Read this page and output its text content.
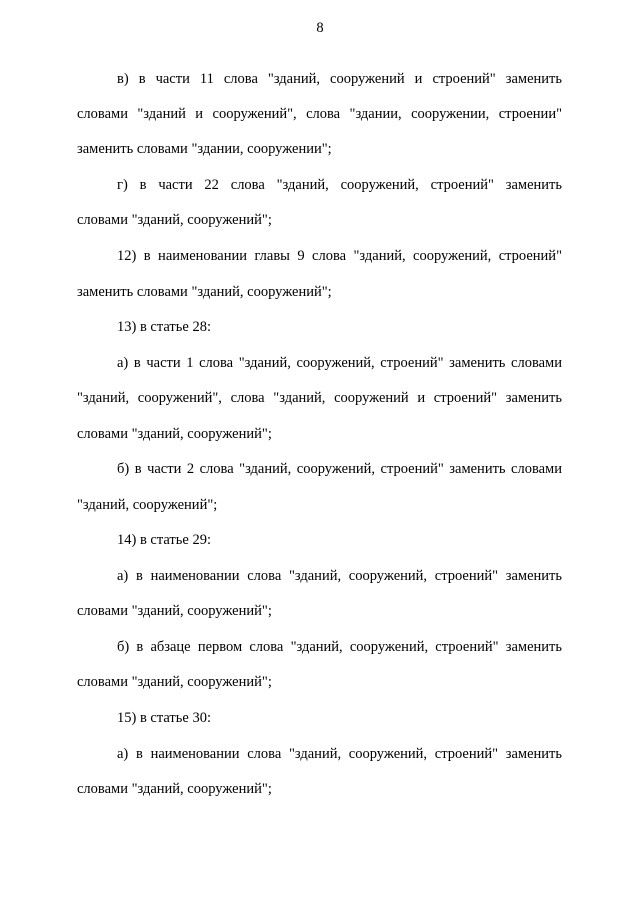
8
в) в части 11 слова "зданий, сооружений и строений" заменить
словами "зданий и сооружений", слова "здании, сооружении, строении"
заменить словами "здании, сооружении";
г) в части 22 слова "зданий, сооружений, строений" заменить
словами "зданий, сооружений";
12) в наименовании главы 9 слова "зданий, сооружений, строений"
заменить словами "зданий, сооружений";
13) в статье 28:
а) в части 1 слова "зданий, сооружений, строений" заменить словами
"зданий, сооружений", слова "зданий, сооружений и строений" заменить
словами "зданий, сооружений";
б) в части 2 слова "зданий, сооружений, строений" заменить словами
"зданий, сооружений";
14) в статье 29:
а) в наименовании слова "зданий, сооружений, строений" заменить
словами "зданий, сооружений";
б) в абзаце первом слова "зданий, сооружений, строений" заменить
словами "зданий, сооружений";
15) в статье 30:
а) в наименовании слова "зданий, сооружений, строений" заменить
словами "зданий, сооружений";
